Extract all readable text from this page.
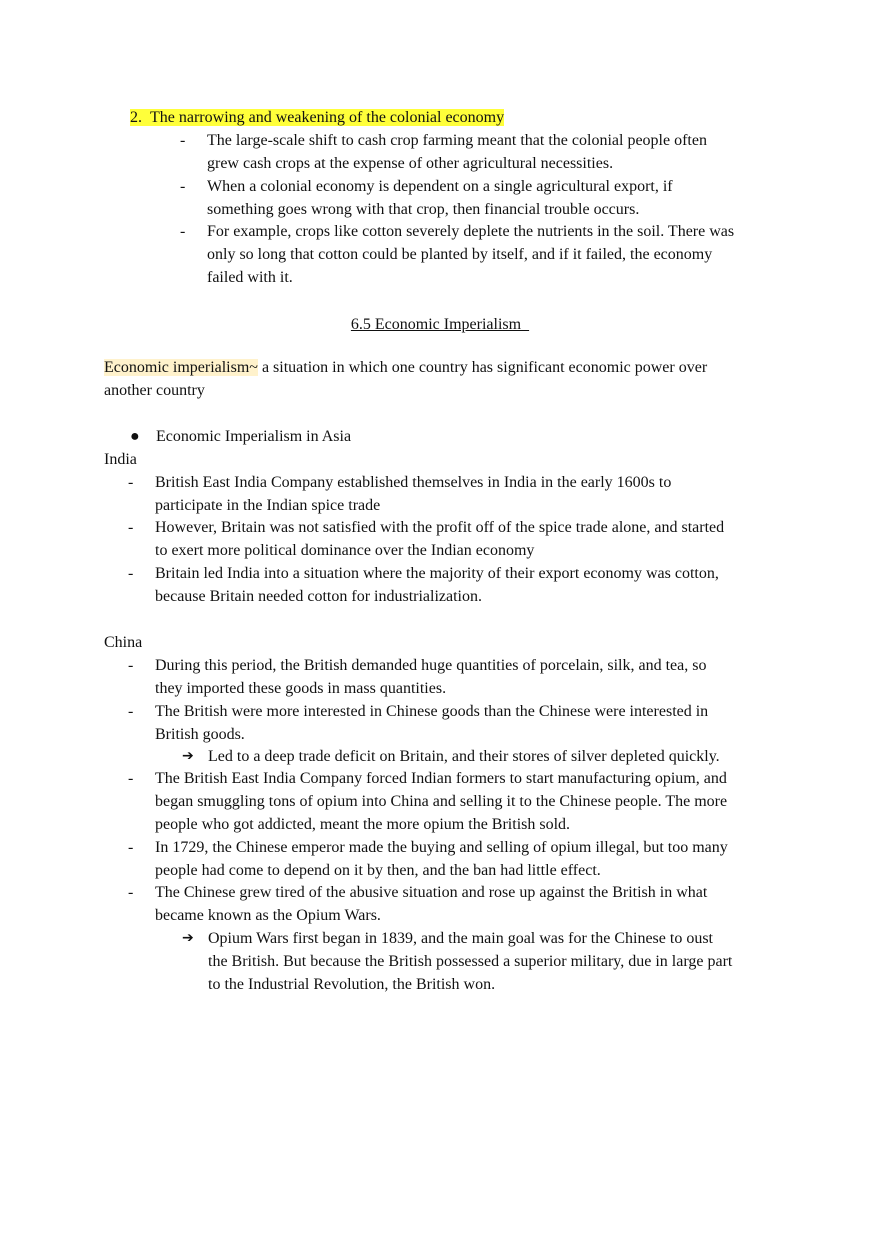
2.  The narrowing and weakening of the colonial economy
- The large-scale shift to cash crop farming meant that the colonial people often
grew cash crops at the expense of other agricultural necessities.
- When a colonial economy is dependent on a single agricultural export, if
something goes wrong with that crop, then financial trouble occurs.
- For example, crops like cotton severely deplete the nutrients in the soil. There was
only so long that cotton could be planted by itself, and if it failed, the economy
failed with it.
6.5 Economic Imperialism
Economic imperialism~ a situation in which one country has significant economic power over
another country
● Economic Imperialism in Asia
India
- British East India Company established themselves in India in the early 1600s to
participate in the Indian spice trade
- However, Britain was not satisfied with the profit off of the spice trade alone, and started
to exert more political dominance over the Indian economy
- Britain led India into a situation where the majority of their export economy was cotton,
because Britain needed cotton for industrialization.
China
- During this period, the British demanded huge quantities of porcelain, silk, and tea, so
they imported these goods in mass quantities.
- The British were more interested in Chinese goods than the Chinese were interested in
British goods.
➔ Led to a deep trade deficit on Britain, and their stores of silver depleted quickly.
- The British East India Company forced Indian formers to start manufacturing opium, and
began smuggling tons of opium into China and selling it to the Chinese people. The more
people who got addicted, meant the more opium the British sold.
- In 1729, the Chinese emperor made the buying and selling of opium illegal, but too many
people had come to depend on it by then, and the ban had little effect.
- The Chinese grew tired of the abusive situation and rose up against the British in what
became known as the Opium Wars.
➔ Opium Wars first began in 1839, and the main goal was for the Chinese to oust
the British. But because the British possessed a superior military, due in large part
to the Industrial Revolution, the British won.
